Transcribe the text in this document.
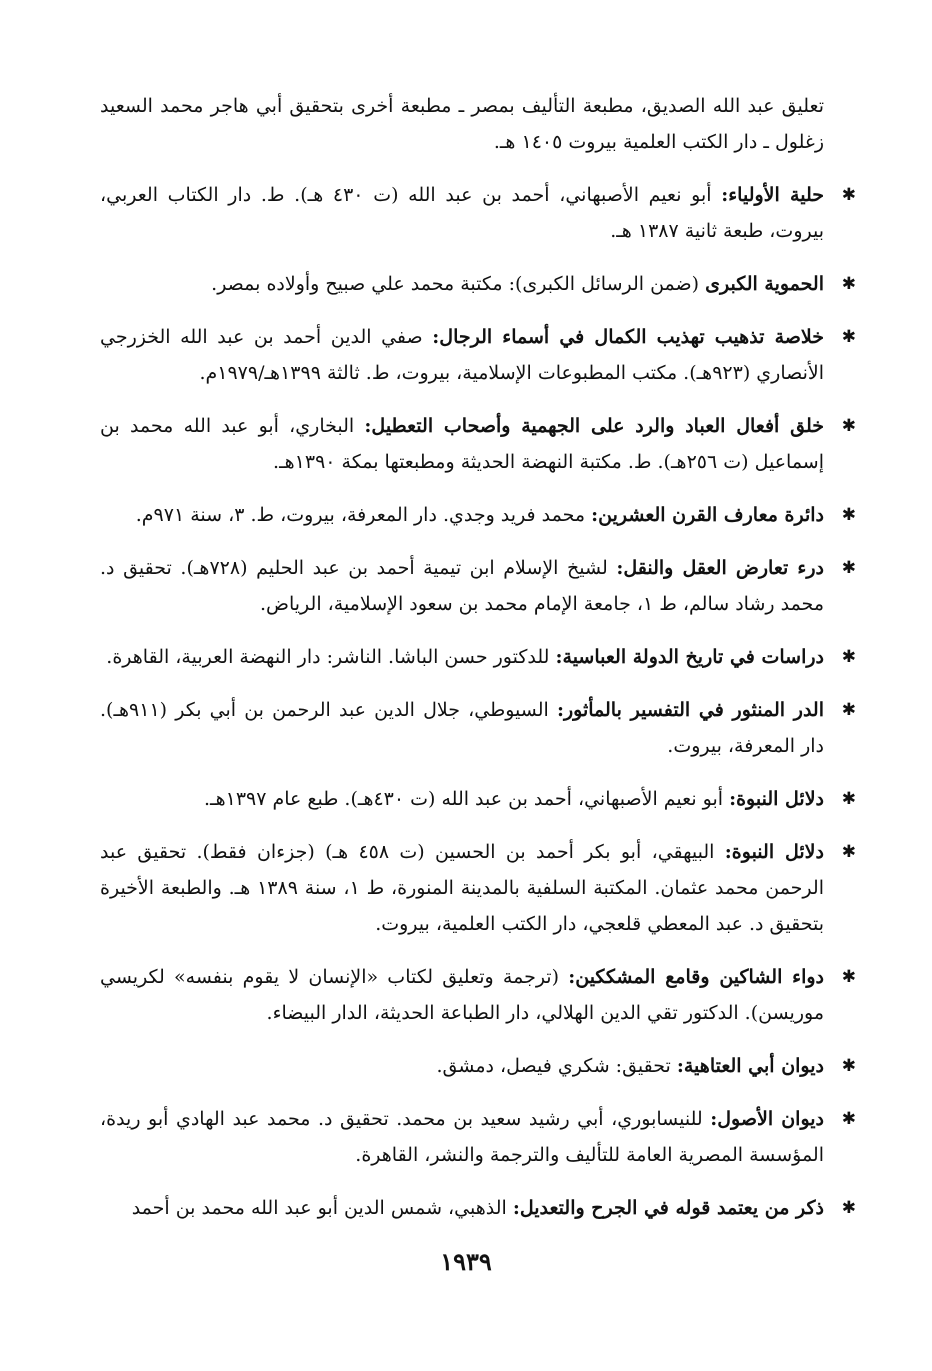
تعليق عبد الله الصديق، مطبعة التأليف بمصر ـ مطبعة أخرى بتحقيق أبي هاجر محمد السعيد زغلول ـ دار الكتب العلمية بيروت ١٤٠٥ هـ.

✱
حلية الأولياء: أبو نعيم الأصبهاني، أحمد بن عبد الله (ت ٤٣٠ هـ). ط. دار الكتاب العربي، بيروت، طبعة ثانية ١٣٨٧ هـ.

✱
الحموية الكبرى (ضمن الرسائل الكبرى): مكتبة محمد علي صبيح وأولاده بمصر.

✱
خلاصة تذهيب تهذيب الكمال في أسماء الرجال: صفي الدين أحمد بن عبد الله الخزرجي الأنصاري (٩٢٣هـ). مكتب المطبوعات الإسلامية، بيروت، ط. ثالثة ١٣٩٩هـ/١٩٧٩م.

✱
خلق أفعال العباد والرد على الجهمية وأصحاب التعطيل: البخاري، أبو عبد الله محمد بن إسماعيل (ت ٢٥٦هـ). ط. مكتبة النهضة الحديثة ومطبعتها بمكة ١٣٩٠هـ.

✱
دائرة معارف القرن العشرين: محمد فريد وجدي. دار المعرفة، بيروت، ط. ٣، سنة ٩٧١م.

✱
درء تعارض العقل والنقل: لشيخ الإسلام ابن تيمية أحمد بن عبد الحليم (٧٢٨هـ). تحقيق د. محمد رشاد سالم، ط ١، جامعة الإمام محمد بن سعود الإسلامية، الرياض.

✱
دراسات في تاريخ الدولة العباسية: للدكتور حسن الباشا. الناشر: دار النهضة العربية، القاهرة.

✱
الدر المنثور في التفسير بالمأثور: السيوطي، جلال الدين عبد الرحمن بن أبي بكر (٩١١هـ). دار المعرفة، بيروت.

✱
دلائل النبوة: أبو نعيم الأصبهاني، أحمد بن عبد الله (ت ٤٣٠هـ). طبع عام ١٣٩٧هـ.

✱
دلائل النبوة: البيهقي، أبو بكر أحمد بن الحسين (ت ٤٥٨ هـ) (جزءان فقط). تحقيق عبد الرحمن محمد عثمان. المكتبة السلفية بالمدينة المنورة، ط ١، سنة ١٣٨٩ هـ. والطبعة الأخيرة بتحقيق د. عبد المعطي قلعجي، دار الكتب العلمية، بيروت.

✱
دواء الشاكين وقامع المشككين: (ترجمة وتعليق لكتاب «الإنسان لا يقوم بنفسه» لكريسي موريسن). الدكتور تقي الدين الهلالي، دار الطباعة الحديثة، الدار البيضاء.

✱
ديوان أبي العتاهية: تحقيق: شكري فيصل، دمشق.

✱
ديوان الأصول: للنيسابوري، أبي رشيد سعيد بن محمد. تحقيق د. محمد عبد الهادي أبو ريدة، المؤسسة المصرية العامة للتأليف والترجمة والنشر، القاهرة.

✱
ذكر من يعتمد قوله في الجرح والتعديل: الذهبي، شمس الدين أبو عبد الله محمد بن أحمد

١٩٣٩
